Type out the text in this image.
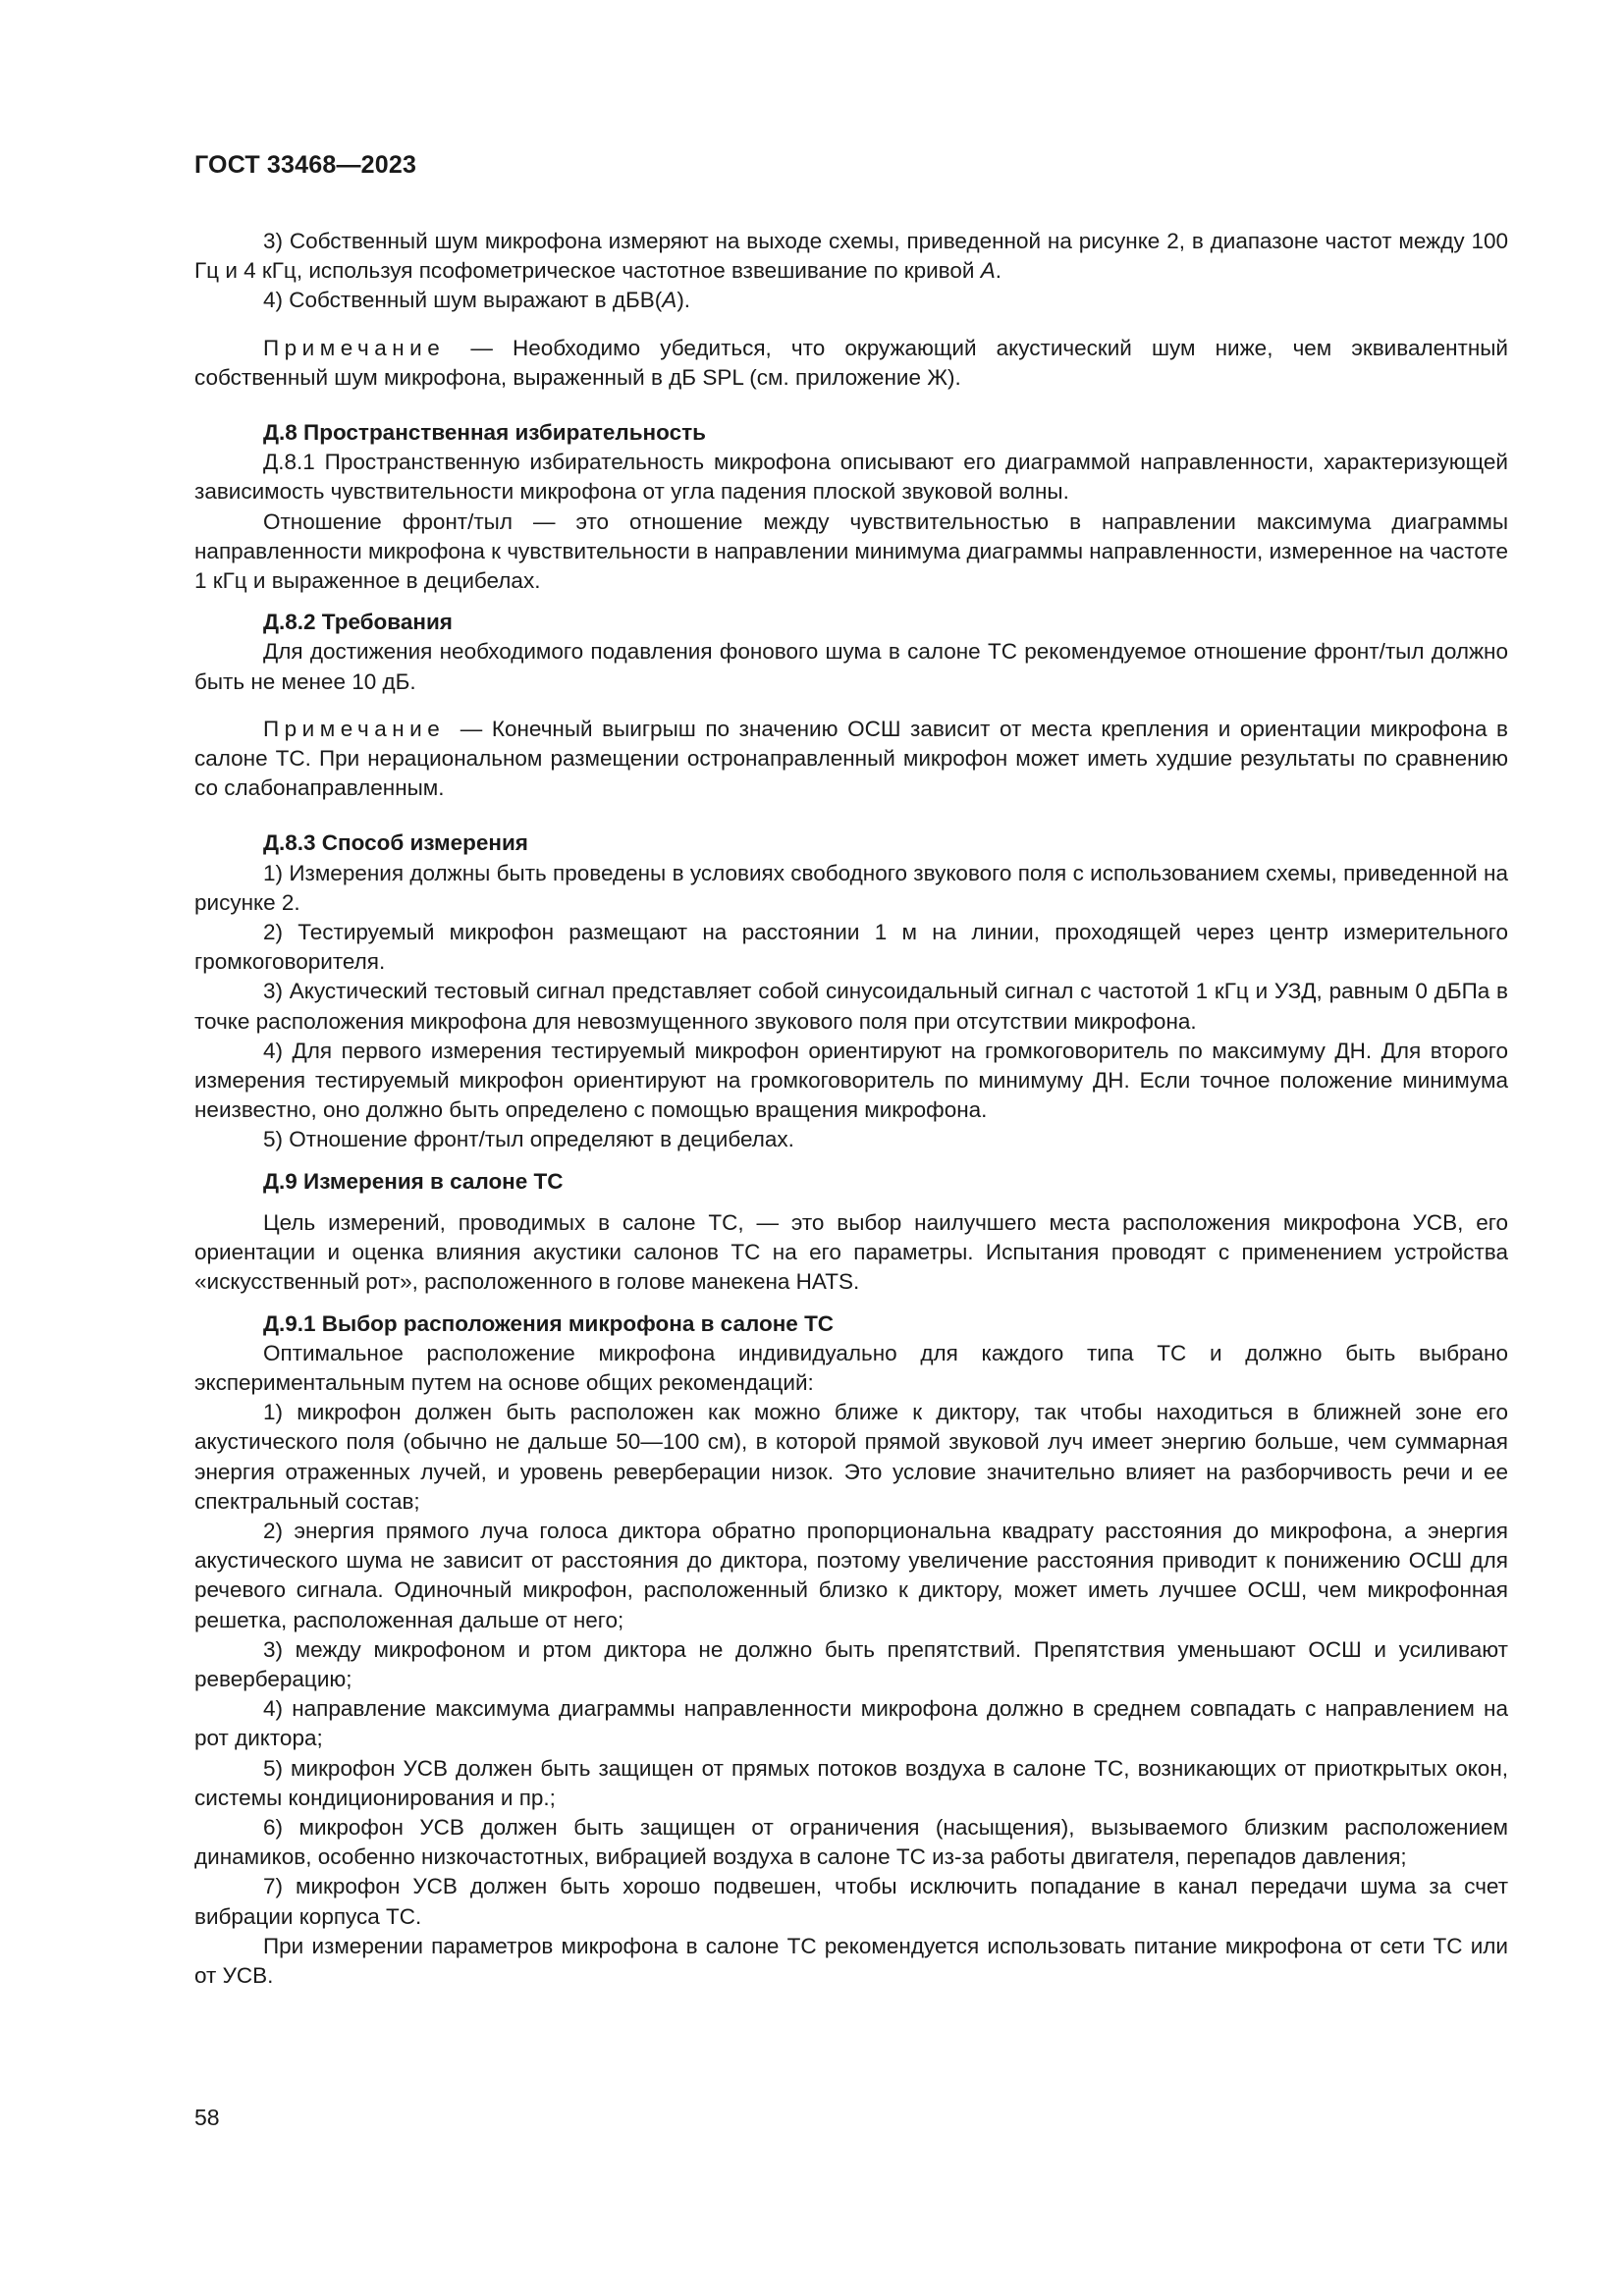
ГОСТ 33468—2023

3) Собственный шум микрофона измеряют на выходе схемы, приведенной на рисунке 2, в диапазоне частот между 100 Гц и 4 кГц, используя псофометрическое частотное взвешивание по кривой А.

4) Собственный шум выражают в дБВ(А).

Примечание — Необходимо убедиться, что окружающий акустический шум ниже, чем эквивалентный собственный шум микрофона, выраженный в дБ SPL (см. приложение Ж).

Д.8 Пространственная избирательность

Д.8.1 Пространственную избирательность микрофона описывают его диаграммой направленности, характеризующей зависимость чувствительности микрофона от угла падения плоской звуковой волны.

Отношение фронт/тыл — это отношение между чувствительностью в направлении максимума диаграммы направленности микрофона к чувствительности в направлении минимума диаграммы направленности, измеренное на частоте 1 кГц и выраженное в децибелах.

Д.8.2 Требования

Для достижения необходимого подавления фонового шума в салоне ТС рекомендуемое отношение фронт/тыл должно быть не менее 10 дБ.

Примечание — Конечный выигрыш по значению ОСШ зависит от места крепления и ориентации микрофона в салоне ТС. При нерациональном размещении остронаправленный микрофон может иметь худшие результаты по сравнению со слабонаправленным.

Д.8.3 Способ измерения

1) Измерения должны быть проведены в условиях свободного звукового поля с использованием схемы, приведенной на рисунке 2.

2) Тестируемый микрофон размещают на расстоянии 1 м на линии, проходящей через центр измерительного громкоговорителя.

3) Акустический тестовый сигнал представляет собой синусоидальный сигнал с частотой 1 кГц и УЗД, равным 0 дБПа в точке расположения микрофона для невозмущенного звукового поля при отсутствии микрофона.

4) Для первого измерения тестируемый микрофон ориентируют на громкоговоритель по максимуму ДН. Для второго измерения тестируемый микрофон ориентируют на громкоговоритель по минимуму ДН. Если точное положение минимума неизвестно, оно должно быть определено с помощью вращения микрофона.

5) Отношение фронт/тыл определяют в децибелах.

Д.9 Измерения в салоне ТС

Цель измерений, проводимых в салоне ТС, — это выбор наилучшего места расположения микрофона УСВ, его ориентации и оценка влияния акустики салонов ТС на его параметры. Испытания проводят с применением устройства «искусственный рот», расположенного в голове манекена HATS.

Д.9.1 Выбор расположения микрофона в салоне ТС

Оптимальное расположение микрофона индивидуально для каждого типа ТС и должно быть выбрано экспериментальным путем на основе общих рекомендаций:

1) микрофон должен быть расположен как можно ближе к диктору, так чтобы находиться в ближней зоне его акустического поля (обычно не дальше 50—100 см), в которой прямой звуковой луч имеет энергию больше, чем суммарная энергия отраженных лучей, и уровень реверберации низок. Это условие значительно влияет на разборчивость речи и ее спектральный состав;

2) энергия прямого луча голоса диктора обратно пропорциональна квадрату расстояния до микрофона, а энергия акустического шума не зависит от расстояния до диктора, поэтому увеличение расстояния приводит к понижению ОСШ для речевого сигнала. Одиночный микрофон, расположенный близко к диктору, может иметь лучшее ОСШ, чем микрофонная решетка, расположенная дальше от него;

3) между микрофоном и ртом диктора не должно быть препятствий. Препятствия уменьшают ОСШ и усиливают реверберацию;

4) направление максимума диаграммы направленности микрофона должно в среднем совпадать с направлением на рот диктора;

5) микрофон УСВ должен быть защищен от прямых потоков воздуха в салоне ТС, возникающих от приоткрытых окон, системы кондиционирования и пр.;

6) микрофон УСВ должен быть защищен от ограничения (насыщения), вызываемого близким расположением динамиков, особенно низкочастотных, вибрацией воздуха в салоне ТС из-за работы двигателя, перепадов давления;

7) микрофон УСВ должен быть хорошо подвешен, чтобы исключить попадание в канал передачи шума за счет вибрации корпуса ТС.

При измерении параметров микрофона в салоне ТС рекомендуется использовать питание микрофона от сети ТС или от УСВ.

58
